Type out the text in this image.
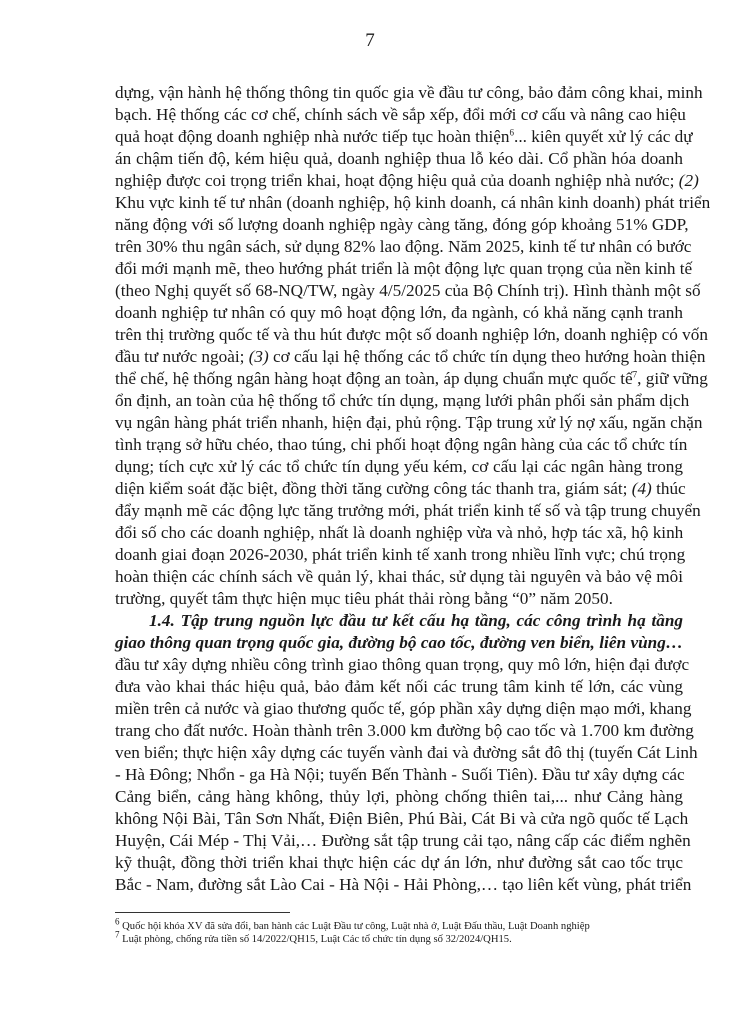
7
dựng, vận hành hệ thống thông tin quốc gia về đầu tư công, bảo đảm công khai, minh
bạch. Hệ thống các cơ chế, chính sách về sắp xếp, đổi mới cơ cấu và nâng cao hiệu
quả hoạt động doanh nghiệp nhà nước tiếp tục hoàn thiện$^6$... kiên quyết xử lý các dự
án chậm tiến độ, kém hiệu quả, doanh nghiệp thua lỗ kéo dài. Cổ phần hóa doanh
nghiệp được coi trọng triển khai, hoạt động hiệu quả của doanh nghiệp nhà nước; (2)
Khu vực kinh tế tư nhân (doanh nghiệp, hộ kinh doanh, cá nhân kinh doanh) phát triển
năng động với số lượng doanh nghiệp ngày càng tăng, đóng góp khoảng 51% GDP,
trên 30% thu ngân sách, sử dụng 82% lao động. Năm 2025, kinh tế tư nhân có bước
đổi mới mạnh mẽ, theo hướng phát triển là một động lực quan trọng của nền kinh tế
(theo Nghị quyết số 68-NQ/TW, ngày 4/5/2025 của Bộ Chính trị). Hình thành một số
doanh nghiệp tư nhân có quy mô hoạt động lớn, đa ngành, có khả năng cạnh tranh
trên thị trường quốc tế và thu hút được một số doanh nghiệp lớn, doanh nghiệp có vốn
đầu tư nước ngoài; (3) cơ cấu lại hệ thống các tổ chức tín dụng theo hướng hoàn thiện
thể chế, hệ thống ngân hàng hoạt động an toàn, áp dụng chuẩn mực quốc tế$^7$, giữ vững
ổn định, an toàn của hệ thống tổ chức tín dụng, mạng lưới phân phối sản phẩm dịch
vụ ngân hàng phát triển nhanh, hiện đại, phủ rộng. Tập trung xử lý nợ xấu, ngăn chặn
tình trạng sở hữu chéo, thao túng, chi phối hoạt động ngân hàng của các tổ chức tín
dụng; tích cực xử lý các tổ chức tín dụng yếu kém, cơ cấu lại các ngân hàng trong
diện kiểm soát đặc biệt, đồng thời tăng cường công tác thanh tra, giám sát; (4) thúc
đẩy mạnh mẽ các động lực tăng trưởng mới, phát triển kinh tế số và tập trung chuyển
đổi số cho các doanh nghiệp, nhất là doanh nghiệp vừa và nhỏ, hợp tác xã, hộ kinh
doanh giai đoạn 2026-2030, phát triển kinh tế xanh trong nhiều lĩnh vực; chú trọng
hoàn thiện các chính sách về quản lý, khai thác, sử dụng tài nguyên và bảo vệ môi
trường, quyết tâm thực hiện mục tiêu phát thải ròng bằng “0” năm 2050.
1.4. Tập trung nguồn lực đầu tư kết cấu hạ tầng, các công trình hạ tầng
giao thông quan trọng quốc gia, đường bộ cao tốc, đường ven biển, liên vùng…
đầu tư xây dựng nhiều công trình giao thông quan trọng, quy mô lớn, hiện đại được
đưa vào khai thác hiệu quả, bảo đảm kết nối các trung tâm kinh tế lớn, các vùng
miền trên cả nước và giao thương quốc tế, góp phần xây dựng diện mạo mới, khang
trang cho đất nước. Hoàn thành trên 3.000 km đường bộ cao tốc và 1.700 km đường
ven biển; thực hiện xây dựng các tuyến vành đai và đường sắt đô thị (tuyến Cát Linh
- Hà Đông; Nhổn - ga Hà Nội; tuyến Bến Thành - Suối Tiên). Đầu tư xây dựng các
Cảng biển, cảng hàng không, thủy lợi, phòng chống thiên tai,... như Cảng hàng
không Nội Bài, Tân Sơn Nhất, Điện Biên, Phú Bài, Cát Bi và cửa ngõ quốc tế Lạch
Huyện, Cái Mép - Thị Vải,… Đường sắt tập trung cải tạo, nâng cấp các điểm nghẽn
kỹ thuật, đồng thời triển khai thực hiện các dự án lớn, như đường sắt cao tốc trục
Bắc - Nam, đường sắt Lào Cai - Hà Nội - Hải Phòng,… tạo liên kết vùng, phát triển
$^6$ Quốc hội khóa XV đã sửa đổi, ban hành các Luật Đầu tư công, Luật nhà ở, Luật Đấu thầu, Luật Doanh nghiệp
$^7$ Luật phòng, chống rửa tiền số 14/2022/QH15, Luật Các tổ chức tín dụng số 32/2024/QH15.
